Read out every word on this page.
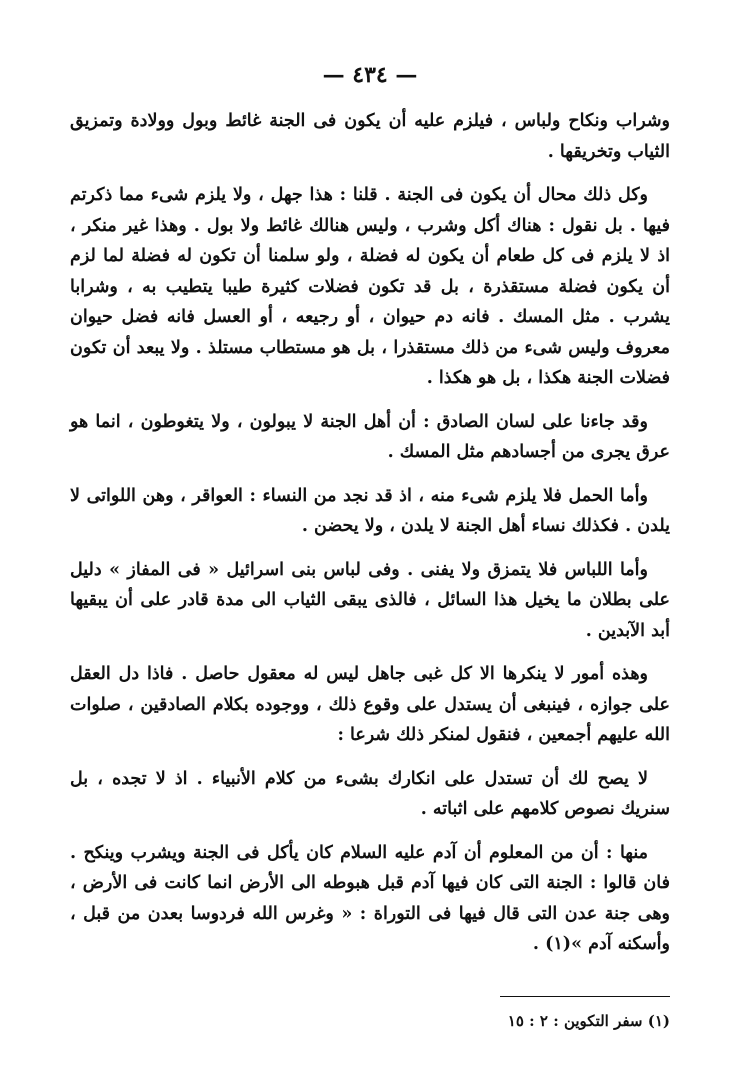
— ٤٣٤ —

وشراب ونكاح ولباس ، فيلزم عليه أن يكون فى الجنة غائط وبول وولادة وتمزيق الثياب وتخريقها .

وكل ذلك محال أن يكون فى الجنة . قلنا : هذا جهل ، ولا يلزم شىء مما ذكرتم فيها . بل نقول : هناك أكل وشرب ، وليس هنالك غائط ولا بول . وهذا غير منكر ، اذ لا يلزم فى كل طعام أن يكون له فضلة ، ولو سلمنا أن تكون له فضلة لما لزم أن يكون فضلة مستقذرة ، بل قد تكون فضلات كثيرة طيبا يتطيب به ، وشرابا يشرب . مثل المسك . فانه دم حيوان ، أو رجيعه ، أو العسل فانه فضل حيوان معروف وليس شىء من ذلك مستقذرا ، بل هو مستطاب مستلذ . ولا يبعد أن تكون فضلات الجنة هكذا ، بل هو هكذا .

وقد جاءنا على لسان الصادق : أن أهل الجنة لا يبولون ، ولا يتغوطون ، انما هو عرق يجرى من أجسادهم مثل المسك .

وأما الحمل فلا يلزم شىء منه ، اذ قد نجد من النساء : العواقر ، وهن اللواتى لا يلدن . فكذلك نساء أهل الجنة لا يلدن ، ولا يحضن .

وأما اللباس فلا يتمزق ولا يفنى . وفى لباس بنى اسرائيل « فى المفاز » دليل على بطلان ما يخيل هذا السائل ، فالذى يبقى الثياب الى مدة قادر على أن يبقيها أبد الآبدين .

وهذه أمور لا ينكرها الا كل غبى جاهل ليس له معقول حاصل . فاذا دل العقل على جوازه ، فينبغى أن يستدل على وقوع ذلك ، ووجوده بكلام الصادقين ، صلوات الله عليهم أجمعين ، فنقول لمنكر ذلك شرعا :

لا يصح لك أن تستدل على انكارك بشىء من كلام الأنبياء . اذ لا تجده ، بل سنريك نصوص كلامهم على اثباته .

منها : أن من المعلوم أن آدم عليه السلام كان يأكل فى الجنة ويشرب وينكح . فان قالوا : الجنة التى كان فيها آدم قبل هبوطه الى الأرض انما كانت فى الأرض ، وهى جنة عدن التى قال فيها فى التوراة : « وغرس الله فردوسا بعدن من قبل ، وأسكنه آدم »(١) .

(١) سفر التكوين : ٢ : ١٥
